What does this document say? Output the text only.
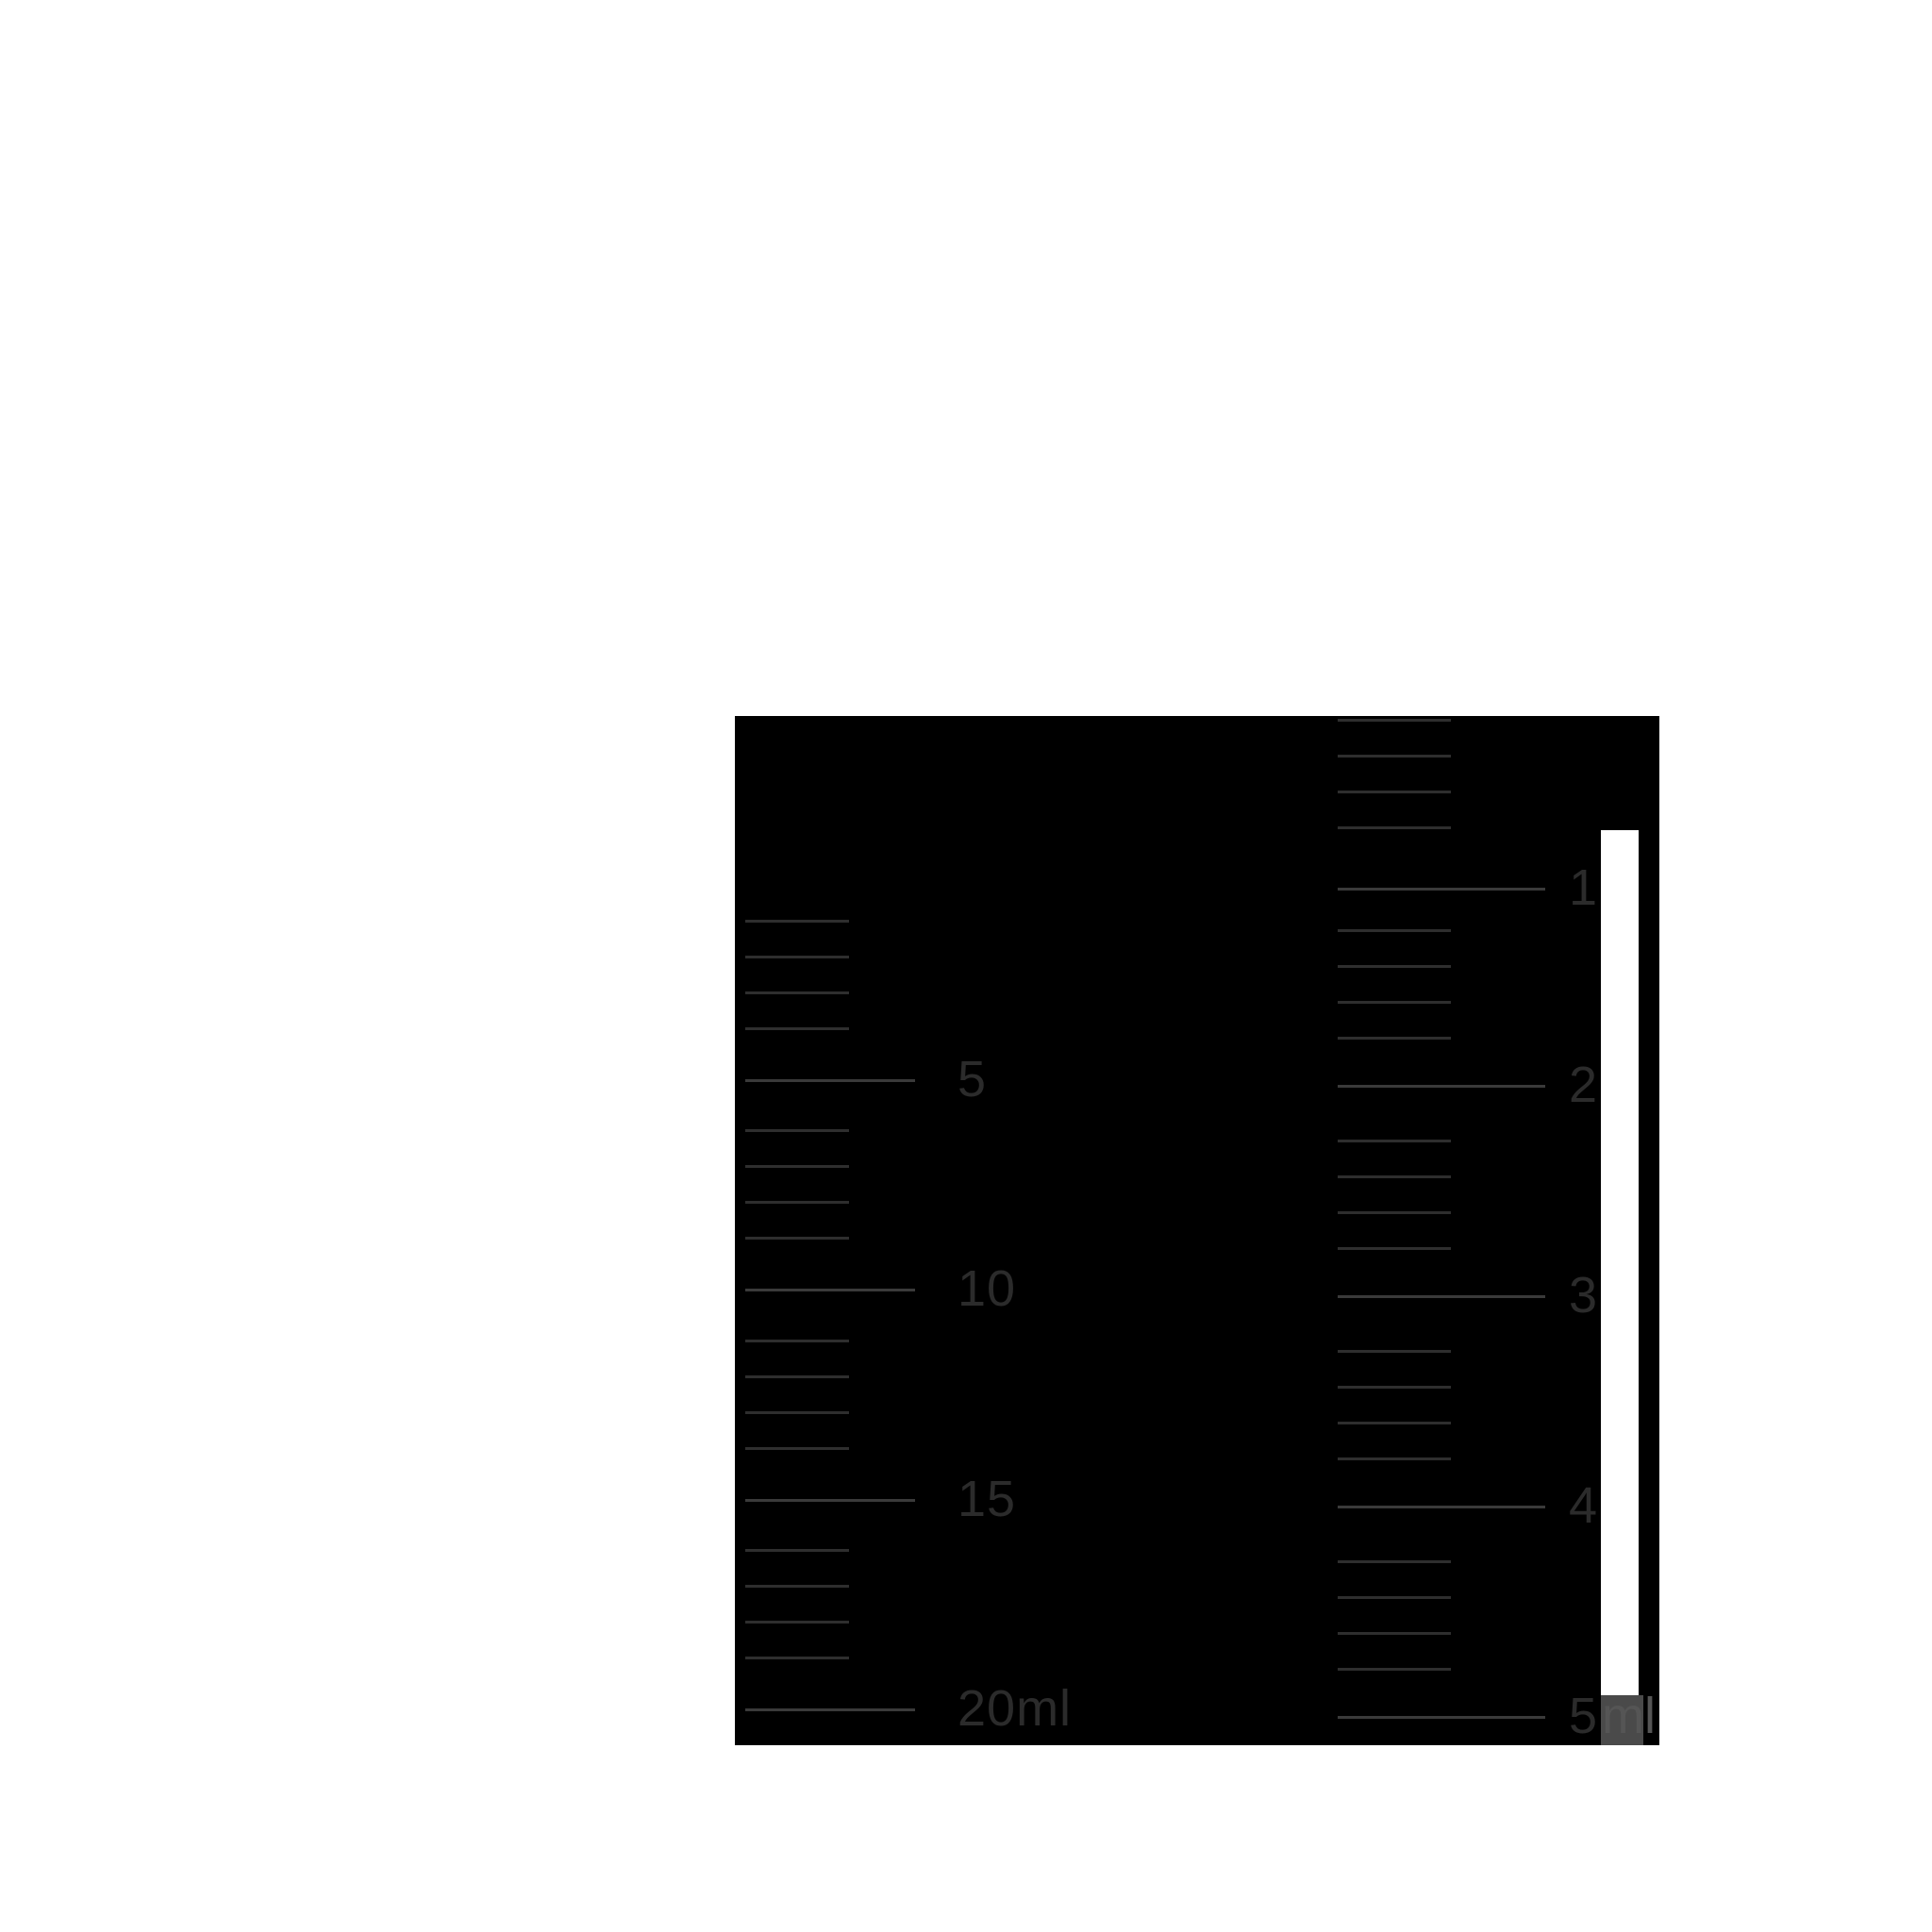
5
10
15
20ml
1
2
3
4
5 ml
